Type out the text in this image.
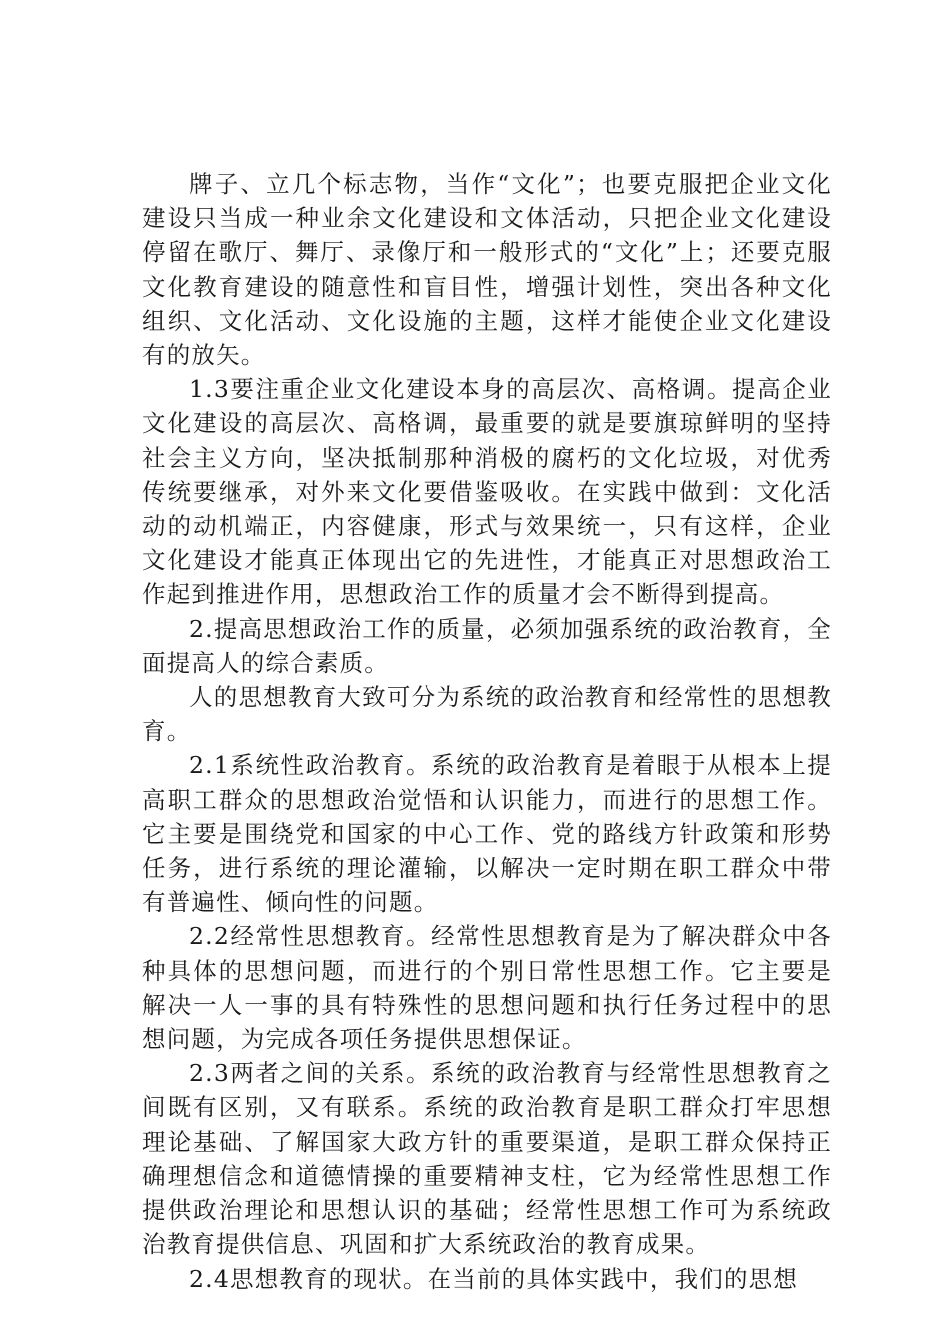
牌子、立几个标志物，当作“文化”；也要克服把企业文化建设只当成一种业余文化建设和文体活动，只把企业文化建设停留在歌厅、舞厅、录像厅和一般形式的“文化”上；还要克服文化教育建设的随意性和盲目性，增强计划性，突出各种文化组织、文化活动、文化设施的主题，这样才能使企业文化建设有的放矢。

1.3要注重企业文化建设本身的高层次、高格调。提高企业文化建设的高层次、高格调，最重要的就是要旗琼鲜明的坚持社会主义方向，坚决抵制那种消极的腐朽的文化垃圾，对优秀传统要继承，对外来文化要借鉴吸收。在实践中做到：文化活动的动机端正，内容健康，形式与效果统一，只有这样，企业文化建设才能真正体现出它的先进性，才能真正对思想政治工作起到推进作用，思想政治工作的质量才会不断得到提高。

2.提高思想政治工作的质量，必须加强系统的政治教育，全面提高人的综合素质。

人的思想教育大致可分为系统的政治教育和经常性的思想教育。

2.1系统性政治教育。系统的政治教育是着眼于从根本上提高职工群众的思想政治觉悟和认识能力，而进行的思想工作。它主要是围绕党和国家的中心工作、党的路线方针政策和形势任务，进行系统的理论灌输，以解决一定时期在职工群众中带有普遍性、倾向性的问题。

2.2经常性思想教育。经常性思想教育是为了解决群众中各种具体的思想问题，而进行的个别日常性思想工作。它主要是解决一人一事的具有特殊性的思想问题和执行任务过程中的思想问题，为完成各项任务提供思想保证。

2.3两者之间的关系。系统的政治教育与经常性思想教育之间既有区别，又有联系。系统的政治教育是职工群众打牢思想理论基础、了解国家大政方针的重要渠道，是职工群众保持正确理想信念和道德情操的重要精神支柱，它为经常性思想工作提供政治理论和思想认识的基础；经常性思想工作可为系统政治教育提供信息、巩固和扩大系统政治的教育成果。

2.4思想教育的现状。在当前的具体实践中，我们的思想
